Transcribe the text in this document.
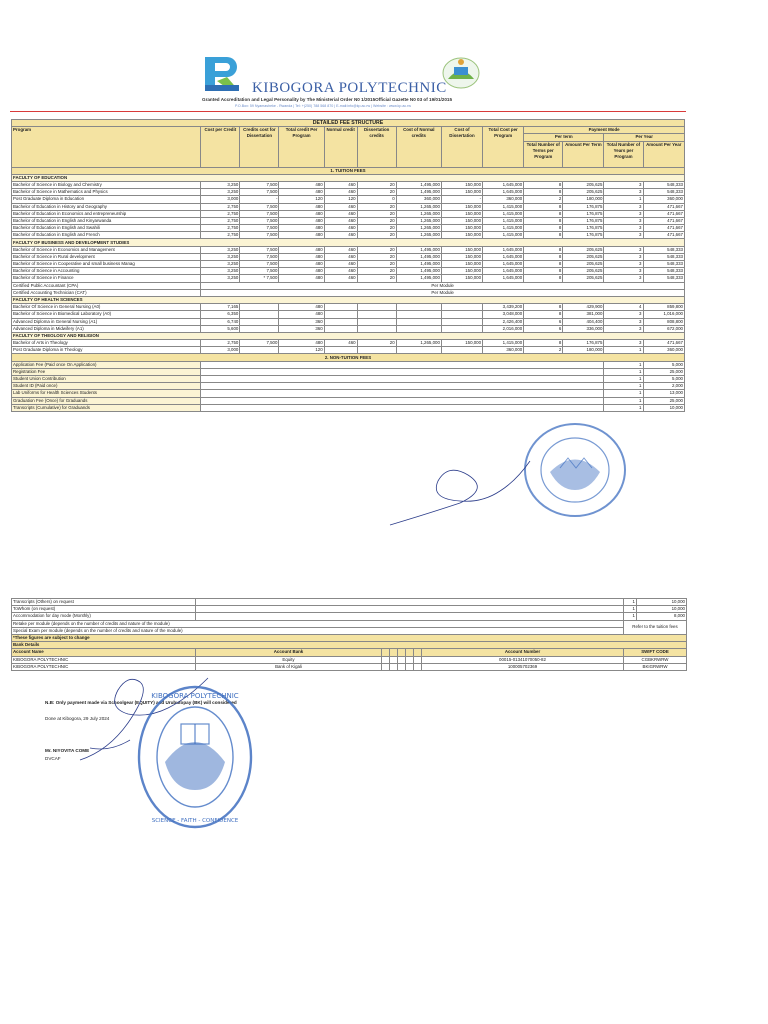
KIBOGORA POLYTECHNIC
Granted Accreditation and Legal Personality by The Ministerial Order N0 1/2015Official Gazette N0 03 of 19/01/2015
P.O.Box: 59 Nyamasheke - Rwanda | Tel: +(250) 788 568 870 | E-mail:info@kp.ac.rw | Website : www.kp.ac.rw
DETAILED FEE STRUCTURE												
Program	Cost per Credit	Credits cost for Dissertation	Total credit Per Program	Normal credit	Dissertation credits	Cost of Normal credits	Cost of Dissertation	Total Cost per Program	Payment Mode			
									Per term		Per Year	
									Total Number of Terms per Program	Amount Per Term	Total Number of Years per Program	Amount Per Year
1. TUITION FEES												
FACULTY OF EDUCATION												
Bachelor of Science in Biology and Chemistry	3,250	7,500	480	460	20	1,495,000	150,000	1,645,000	8	205,625	3	548,333
Bachelor of Science in Mathematics and Physics	3,250	7,500	480	460	20	1,495,000	150,000	1,645,000	8	205,625	3	548,333
Post Graduate Diploma in Education	3,000	-	120	120	0	360,000	-	360,000	2	180,000	1	360,000
Bachelor of Education in History and Geography	2,750	7,500	480	460	20	1,265,000	150,000	1,415,000	8	176,875	3	471,667
Bachelor of Education in Economics and entrepreneurship	2,750	7,500	480	460	20	1,265,000	150,000	1,415,000	8	176,875	3	471,667
Bachelor of Education in English and Kinyarwanda	2,750	7,500	480	460	20	1,265,000	150,000	1,415,000	8	176,875	3	471,667
Bachelor of Education in English and Swahili	2,750	7,500	480	460	20	1,265,000	150,000	1,415,000	8	176,875	3	471,667
Bachelor of Education in English and French	2,750	7,500	480	460	20	1,265,000	150,000	1,415,000	8	176,875	3	471,667
FACULTY OF BUSINESS AND DEVELOPMENT STUDIES												
Bachelor of Science in Economics and Management	3,250	7,500	480	460	20	1,495,000	150,000	1,645,000	8	205,625	3	548,333
Bachelor of Science in Rural development	3,250	7,500	480	460	20	1,495,000	150,000	1,645,000	8	205,625	3	548,333
Bachelor of Science in Cooperative and small business Manag	3,250	7,500	480	460	20	1,495,000	150,000	1,645,000	8	205,625	3	548,333
Bachelor of Science in Accounting	3,250	7,500	480	460	20	1,495,000	150,000	1,645,000	8	205,625	3	548,333
Bachelor of Science in Finance	3,250	* 7,500	480	460	20	1,495,000	150,000	1,645,000	8	205,625	3	548,333
Certified Public Accountant (CPA)	Per Module											
Certified Accounting Technician (CAT)	Per Module											
FACULTY OF HEALTH SCIENCES												
Bachelor Of Science in General Nursing (A0)	7,165		480					3,439,200	8	429,900	4	859,800
Bachelor of Science in Biomedical Laboratory (A0)	6,350		480					3,048,000	8	381,000	3	1,016,000
Advanced Diploma in General Nursing (A1)	6,740		360					2,426,400	6	404,400	3	808,800
Advanced Diploma in Midwifery (A1)	5,600		360					2,016,000	6	336,000	3	672,000
FACULTY OF THEOLOGY AND RELIGION												
Bachelor of Arts in Theology	2,750	7,500	480	460	20	1,265,000	150,000	1,415,000	8	176,875	3	471,667
Post Graduate Diploma in Theology	3,000		120					360,000	2	180,000	1	360,000
2. NON-TUITION FEES												
Application Fee (Paid once On Application)											1	5,000
Registration Fee											1	25,000
Student Union Contribution											1	5,000
Student ID (Paid once)											1	2,000
Lab Uniforms for Health Sciences Students											1	13,000
Graduation Fee (Once) for Graduands											1	25,000
Transcripts (Cumulative) for Graduands											1	10,000
Transcripts (Others) on request								1	10,000
ToWhom (on request)								1	10,000
Accommodation for day mode (Monthly)								1	8,000
Retake per module (depends on the number of credits and nature of the module)								Refer to the tuition fees	
Special Exam per module (depends on the number of credits and nature of the module)									
*These figures are subject to change									
Bank Details									
Account Name	Account Bank						Account Number	SWIFT CODE	
KIBOGORA POLYTECHNIC	Equity						00015-01341070050-82	CGBKRWRW	
KIBOGORA POLYTECHNIC	Bank of Kigali						100005702369	BKIGRWRW	
N.B: Only payment made via Schoolgear (EQUITY) and Urubutopay (BK) will considered
Done at Kibogora, 29 July 2024
Mr. NIYOVITA COME
DVCAF
KIBOGORA POLYTECHNIC
SCIENCE - FAITH - CONFIDENCE
